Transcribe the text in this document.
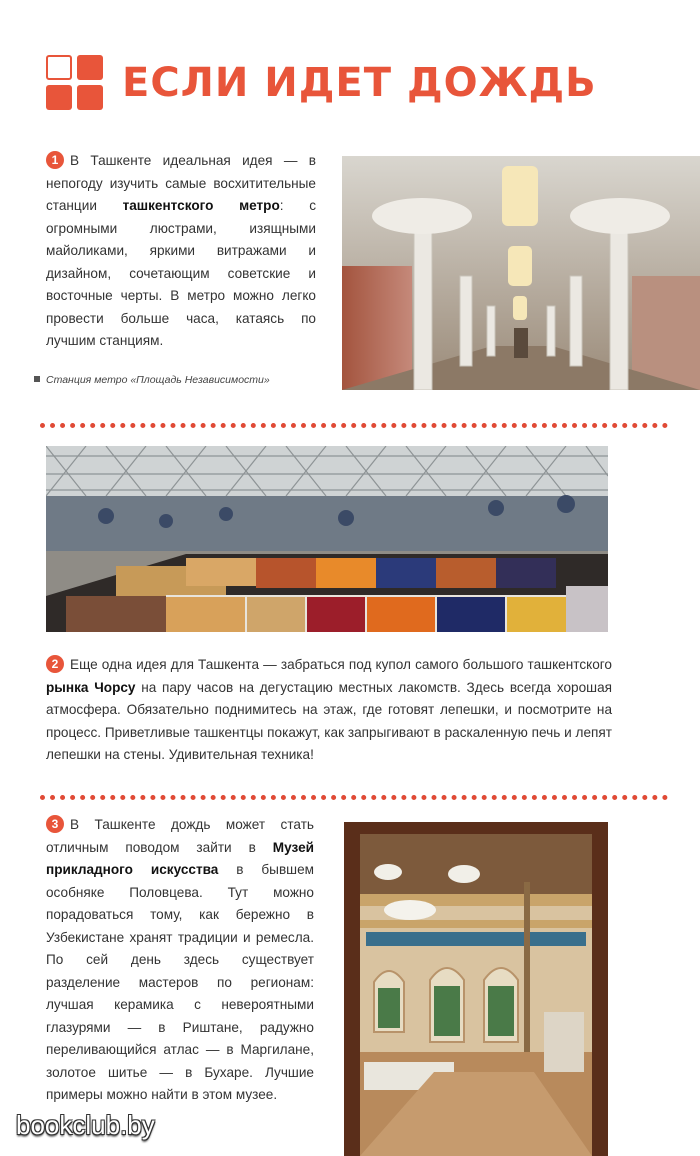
ЕСЛИ ИДЕТ ДОЖДЬ
1 В Ташкенте идеальная идея — в непогоду изучить самые восхитительные станции ташкентского метро: с огромными люстрами, изящными майоликами, яркими витражами и дизайном, сочетающим советские и восточные черты. В метро можно легко провести больше часа, катаясь по лучшим станциям.
Станция метро «Площадь Независимости»
2 Еще одна идея для Ташкента — забраться под купол самого большого ташкентского рынка Чорсу на пару часов на дегустацию местных лакомств. Здесь всегда хорошая атмосфера. Обязательно поднимитесь на этаж, где готовят лепешки, и посмотрите на процесс. Приветливые ташкентцы покажут, как запрыгивают в раскаленную печь и лепят лепешки на стены. Удивительная техника!
3 В Ташкенте дождь может стать отличным поводом зайти в Музей прикладного искусства в бывшем особняке Половцева. Тут можно порадоваться тому, как бережно в Узбекистане хранят традиции и ремесла. По сей день здесь существует разделение мастеров по регионам: лучшая керамика с невероятными глазурями — в Риштане, радужно переливающийся атлас — в Маргилане, золотое шитье — в Бухаре. Лучшие примеры можно найти в этом музее.
bookclub.by
